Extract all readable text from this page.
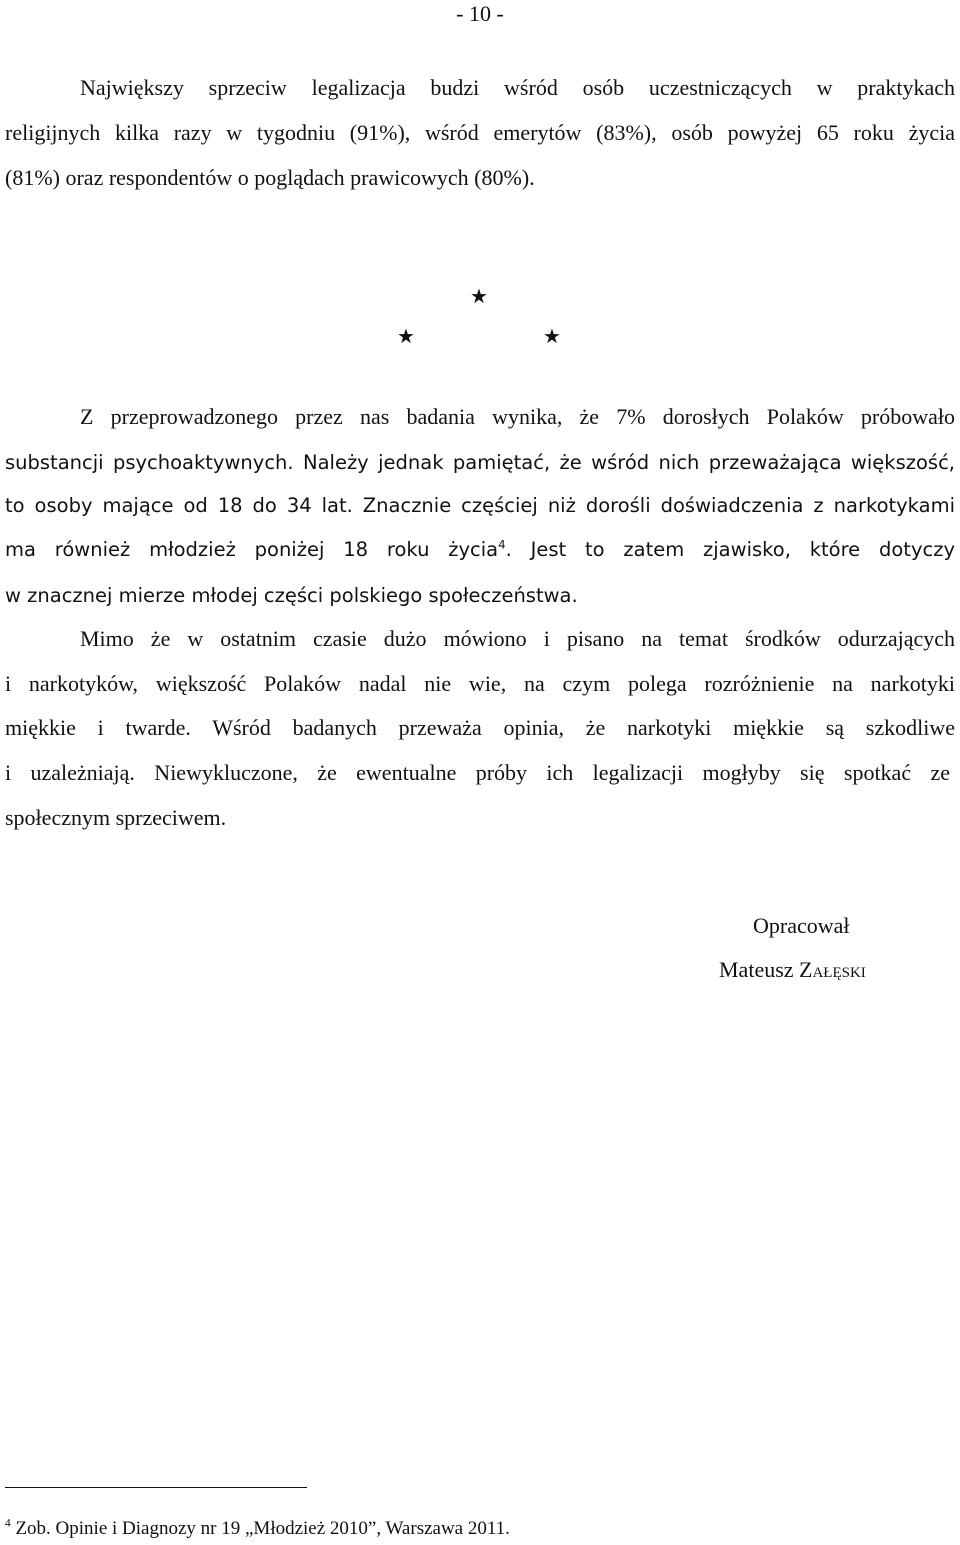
- 10 -
Największy sprzeciw legalizacja budzi wśród osób uczestniczących w praktykach
religijnych kilka razy w tygodniu (91%), wśród emerytów (83%), osób powyżej 65 roku życia
(81%) oraz respondentów o poglądach prawicowych (80%).
★
★	★
Z przeprowadzonego przez nas badania wynika, że 7% dorosłych Polaków próbowało
substancji psychoaktywnych. Należy jednak pamiętać, że wśród nich przeważająca większość,
to osoby mające od 18 do 34 lat. Znacznie częściej niż dorośli doświadczenia z narkotykami
ma również młodzież poniżej 18 roku życia$^4$. Jest to zatem zjawisko, które dotyczy
w znacznej mierze młodej części polskiego społeczeństwa.
Mimo że w ostatnim czasie dużo mówiono i pisano na temat środków odurzających
i narkotyków, większość Polaków nadal nie wie, na czym polega rozróżnienie na narkotyki
miękkie i twarde. Wśród badanych przeważa opinia, że narkotyki miękkie są szkodliwe
i uzależniają. Niewykluczone, że ewentualne próby ich legalizacji mogłyby się spotkać ze
społecznym sprzeciwem.
Opracował
Mateusz Załęski
$^4$ Zob. Opinie i Diagnozy nr 19 „Młodzież 2010”, Warszawa 2011.
